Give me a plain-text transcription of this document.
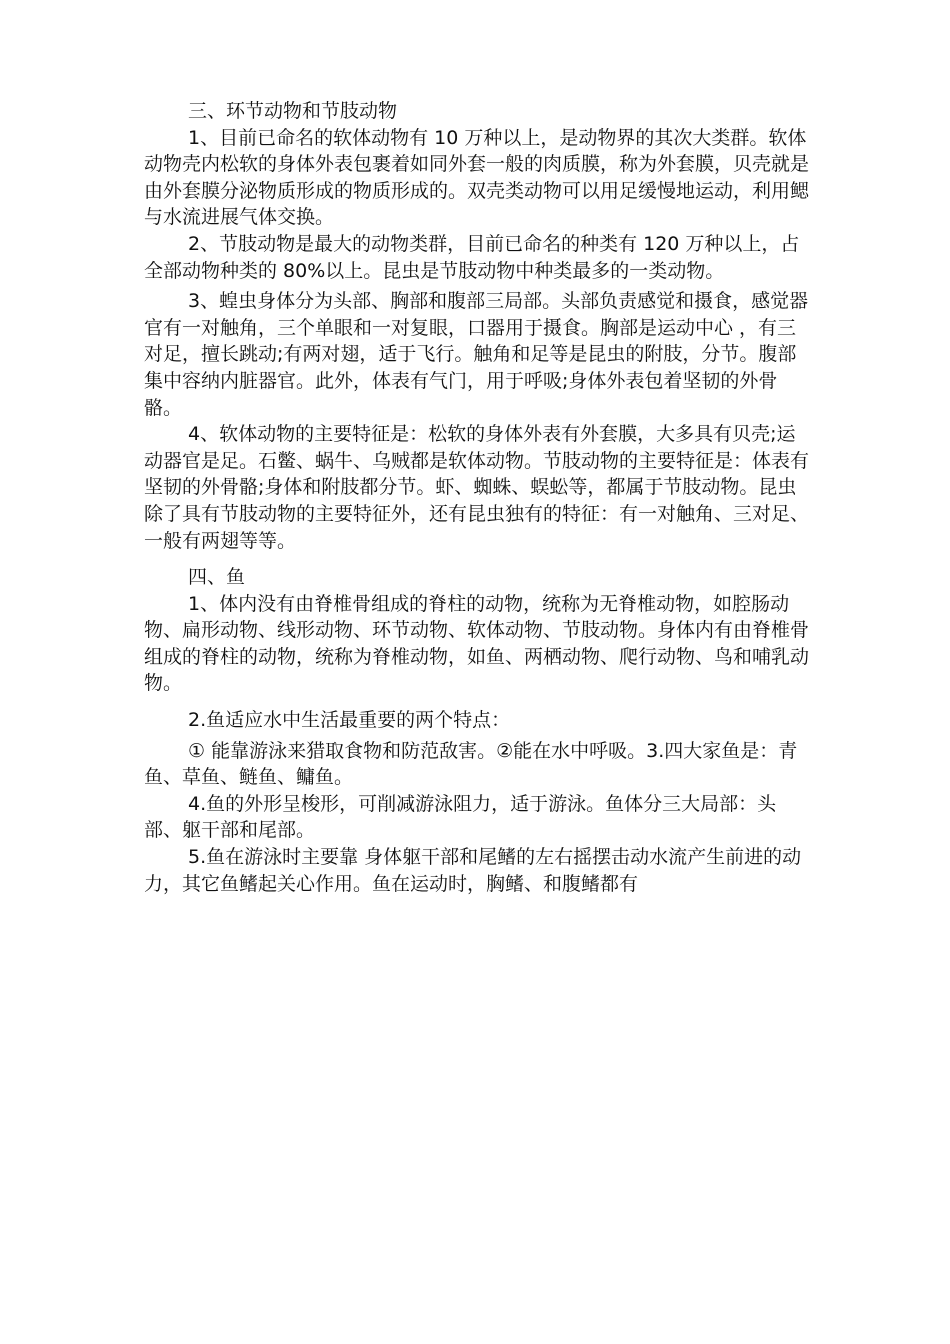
三、环节动物和节肢动物

1、目前已命名的软体动物有 10 万种以上，是动物界的其次大类群。软体动物壳内松软的身体外表包裹着如同外套一般的肉质膜，称为外套膜，贝壳就是由外套膜分泌物质形成的物质形成的。双壳类动物可以用足缓慢地运动，利用鳃与水流进展气体交换。

2、节肢动物是最大的动物类群，目前已命名的种类有 120 万种以上，占全部动物种类的 80%以上。昆虫是节肢动物中种类最多的一类动物。

3、蝗虫身体分为头部、胸部和腹部三局部。头部负责感觉和摄食，感觉器官有一对触角，三个单眼和一对复眼，口器用于摄食。胸部是运动中心 ，有三对足，擅长跳动;有两对翅，适于飞行。触角和足等是昆虫的附肢，分节。腹部集中容纳内脏器官。此外，体表有气门，用于呼吸;身体外表包着坚韧的外骨骼。

4、软体动物的主要特征是：松软的身体外表有外套膜，大多具有贝壳;运动器官是足。石鳖、蜗牛、乌贼都是软体动物。节肢动物的主要特征是：体表有坚韧的外骨骼;身体和附肢都分节。虾、蜘蛛、蜈蚣等，都属于节肢动物。昆虫除了具有节肢动物的主要特征外，还有昆虫独有的特征：有一对触角、三对足、一般有两翅等等。

四、鱼

1、体内没有由脊椎骨组成的脊柱的动物，统称为无脊椎动物，如腔肠动物、扁形动物、线形动物、环节动物、软体动物、节肢动物。身体内有由脊椎骨组成的脊柱的动物，统称为脊椎动物，如鱼、两栖动物、爬行动物、鸟和哺乳动物。

2.鱼适应水中生活最重要的两个特点：

① 能靠游泳来猎取食物和防范敌害。②能在水中呼吸。3.四大家鱼是：青鱼、草鱼、鲢鱼、鳙鱼。

4.鱼的外形呈梭形，可削减游泳阻力，适于游泳。鱼体分三大局部：头部、躯干部和尾部。

5.鱼在游泳时主要靠 身体躯干部和尾鳍的左右摇摆击动水流产生前进的动力，其它鱼鳍起关心作用。鱼在运动时，胸鳍、和腹鳍都有
